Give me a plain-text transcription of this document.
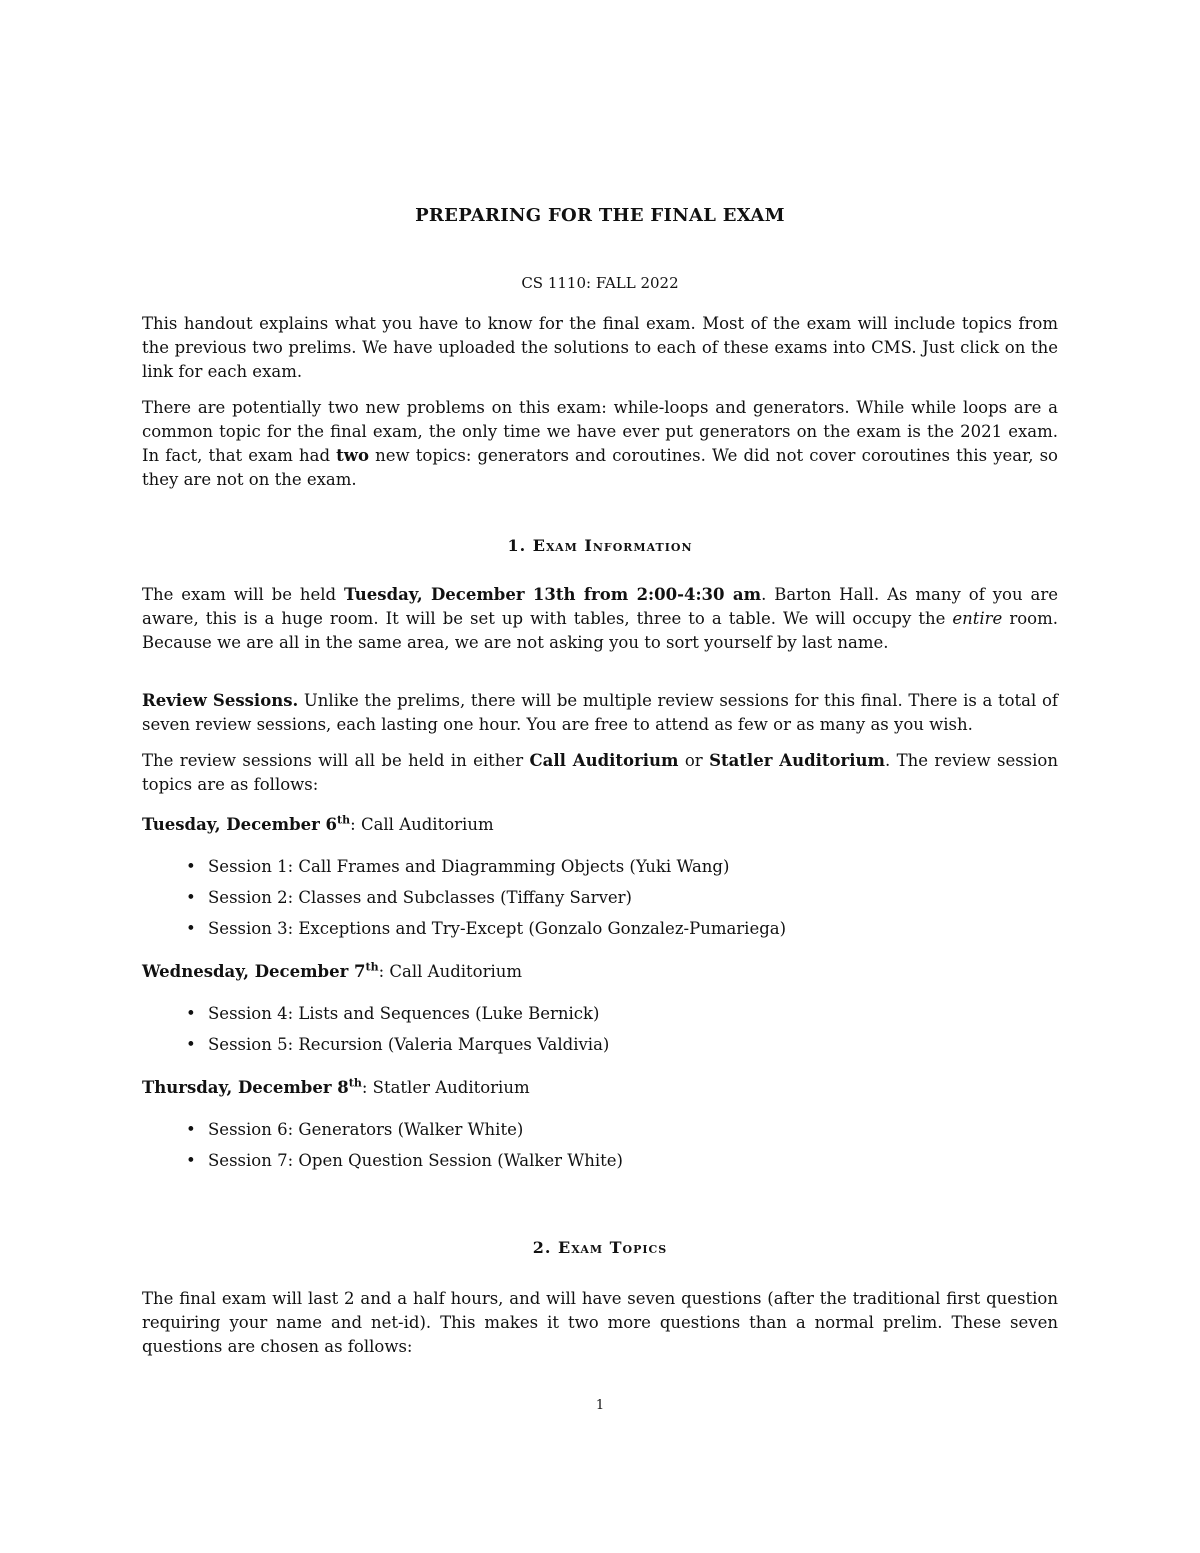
PREPARING FOR THE FINAL EXAM
CS 1110: FALL 2022

This handout explains what you have to know for the final exam. Most of the exam will include topics from the previous two prelims. We have uploaded the solutions to each of these exams into CMS. Just click on the link for each exam.

There are potentially two new problems on this exam: while-loops and generators. While while loops are a common topic for the final exam, the only time we have ever put generators on the exam is the 2021 exam. In fact, that exam had two new topics: generators and coroutines. We did not cover coroutines this year, so they are not on the exam.

1. Exam Information

The exam will be held Tuesday, December 13th from 2:00-4:30 am. Barton Hall. As many of you are aware, this is a huge room. It will be set up with tables, three to a table. We will occupy the entire room. Because we are all in the same area, we are not asking you to sort yourself by last name.

Review Sessions. Unlike the prelims, there will be multiple review sessions for this final. There is a total of seven review sessions, each lasting one hour. You are free to attend as few or as many as you wish.

The review sessions will all be held in either Call Auditorium or Statler Auditorium. The review session topics are as follows:

Tuesday, December 6th: Call Auditorium
• Session 1: Call Frames and Diagramming Objects (Yuki Wang)
• Session 2: Classes and Subclasses (Tiffany Sarver)
• Session 3: Exceptions and Try-Except (Gonzalo Gonzalez-Pumariega)
Wednesday, December 7th: Call Auditorium
• Session 4: Lists and Sequences (Luke Bernick)
• Session 5: Recursion (Valeria Marques Valdivia)
Thursday, December 8th: Statler Auditorium
• Session 6: Generators (Walker White)
• Session 7: Open Question Session (Walker White)
2. Exam Topics

The final exam will last 2 and a half hours, and will have seven questions (after the traditional first question requiring your name and net-id). This makes it two more questions than a normal prelim. These seven questions are chosen as follows:

1
